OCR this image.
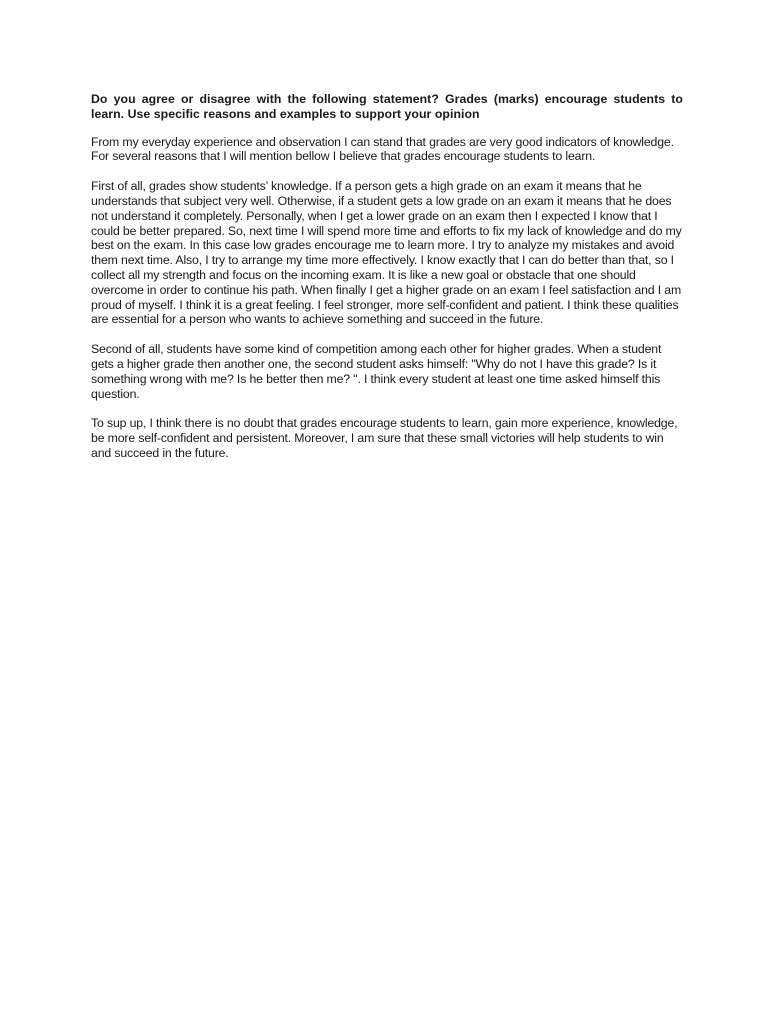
Do you agree or disagree with the following statement? Grades (marks) encourage students to learn. Use specific reasons and examples to support your opinion

From my everyday experience and observation I can stand that grades are very good indicators of knowledge. For several reasons that I will mention bellow I believe that grades encourage students to learn.

First of all, grades show students’ knowledge. If a person gets a high grade on an exam it means that he understands that subject very well. Otherwise, if a student gets a low grade on an exam it means that he does not understand it completely. Personally, when I get a lower grade on an exam then I expected I know that I could be better prepared. So, next time I will spend more time and efforts to fix my lack of knowledge and do my best on the exam. In this case low grades encourage me to learn more. I try to analyze my mistakes and avoid them next time. Also, I try to arrange my time more effectively. I know exactly that I can do better than that, so I collect all my strength and focus on the incoming exam. It is like a new goal or obstacle that one should overcome in order to continue his path. When finally I get a higher grade on an exam I feel satisfaction and I am proud of myself. I think it is a great feeling. I feel stronger, more self-confident and patient. I think these qualities are essential for a person who wants to achieve something and succeed in the future.

Second of all, students have some kind of competition among each other for higher grades. When a student gets a higher grade then another one, the second student asks himself: "Why do not I have this grade? Is it something wrong with me? Is he better then me? ". I think every student at least one time asked himself this question.

To sup up, I think there is no doubt that grades encourage students to learn, gain more experience, knowledge, be more self-confident and persistent. Moreover, I am sure that these small victories will help students to win and succeed in the future.
